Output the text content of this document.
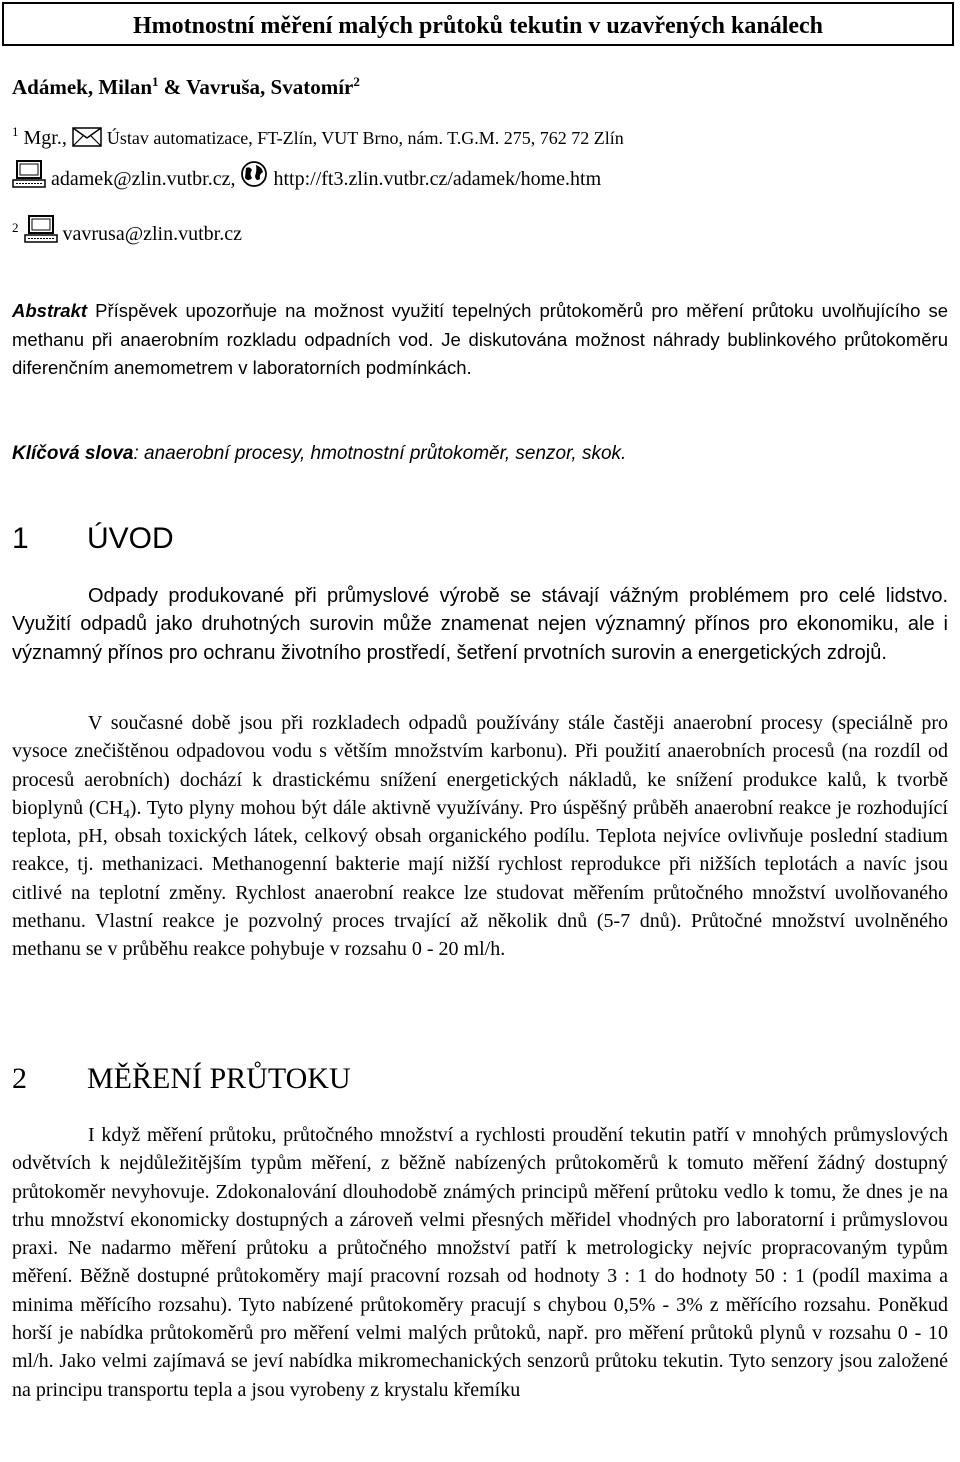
Hmotnostní měření malých průtoků tekutin v uzavřených kanálech
Adámek, Milan$^1$ & Vavruša, Svatomír$^2$
$^1$ Mgr., Ústav automatizace, FT-Zlín, VUT Brno, nám. T.G.M. 275, 762 72 Zlín
adamek@zlin.vutbr.cz, http://ft3.zlin.vutbr.cz/adamek/home.htm
$^2$ vavrusa@zlin.vutbr.cz
Abstrakt Příspěvek upozorňuje na možnost využití tepelných průtokoměrů pro měření průtoku uvolňujícího se methanu při anaerobním rozkladu odpadních vod. Je diskutována možnost náhrady bublinkového průtokoměru diferenčním anemometrem v laboratorních podmínkách.
Klíčová slova: anaerobní procesy, hmotnostní průtokoměr, senzor, skok.
1 ÚVOD
Odpady produkované při průmyslové výrobě se stávají vážným problémem pro celé lidstvo. Využití odpadů jako druhotných surovin může znamenat nejen významný přínos pro ekonomiku, ale i významný přínos pro ochranu životního prostředí, šetření prvotních surovin a energetických zdrojů.
V současné době jsou při rozkladech odpadů používány stále častěji anaerobní procesy (speciálně pro vysoce znečištěnou odpadovou vodu s větším množstvím karbonu). Při použití anaerobních procesů (na rozdíl od procesů aerobních) dochází k drastickému snížení energetických nákladů, ke snížení produkce kalů, k tvorbě bioplynů $(CH_4)$. Tyto plyny mohou být dále aktivně využívány. Pro úspěšný průběh anaerobní reakce je rozhodující teplota, pH, obsah toxických látek, celkový obsah organického podílu. Teplota nejvíce ovlivňuje poslední stadium reakce, tj. methanizaci. Methanogenní bakterie mají nižší rychlost reprodukce při nižších teplotách a navíc jsou citlivé na teplotní změny. Rychlost anaerobní reakce lze studovat měřením průtočného množství uvolňovaného methanu. Vlastní reakce je pozvolný proces trvající až několik dnů (5-7 dnů). Průtočné množství uvolněného methanu se v průběhu reakce pohybuje v rozsahu 0 - 20 ml/h.
2 MĚŘENÍ PRŮTOKU
I když měření průtoku, průtočného množství a rychlosti proudění tekutin patří v mnohých průmyslových odvětvích k nejdůležitějším typům měření, z běžně nabízených průtokoměrů k tomuto měření žádný dostupný průtokoměr nevyhovuje. Zdokonalování dlouhodobě známých principů měření průtoku vedlo k tomu, že dnes je na trhu množství ekonomicky dostupných a zároveň velmi přesných měřidel vhodných pro laboratorní i průmyslovou praxi. Ne nadarmo měření průtoku a průtočného množství patří k metrologicky nejvíc propracovaným typům měření. Běžně dostupné průtokoměry mají pracovní rozsah od hodnoty 3 : 1 do hodnoty 50 : 1 (podíl maxima a minima měřícího rozsahu). Tyto nabízené průtokoměry pracují s chybou 0,5% - 3% z měřícího rozsahu. Poněkud horší je nabídka průtokoměrů pro měření velmi malých průtoků, např. pro měření průtoků plynů v rozsahu 0 - 10 ml/h. Jako velmi zajímavá se jeví nabídka mikromechanických senzorů průtoku tekutin. Tyto senzory jsou založené na principu transportu tepla a jsou vyrobeny z krystalu křemíku
